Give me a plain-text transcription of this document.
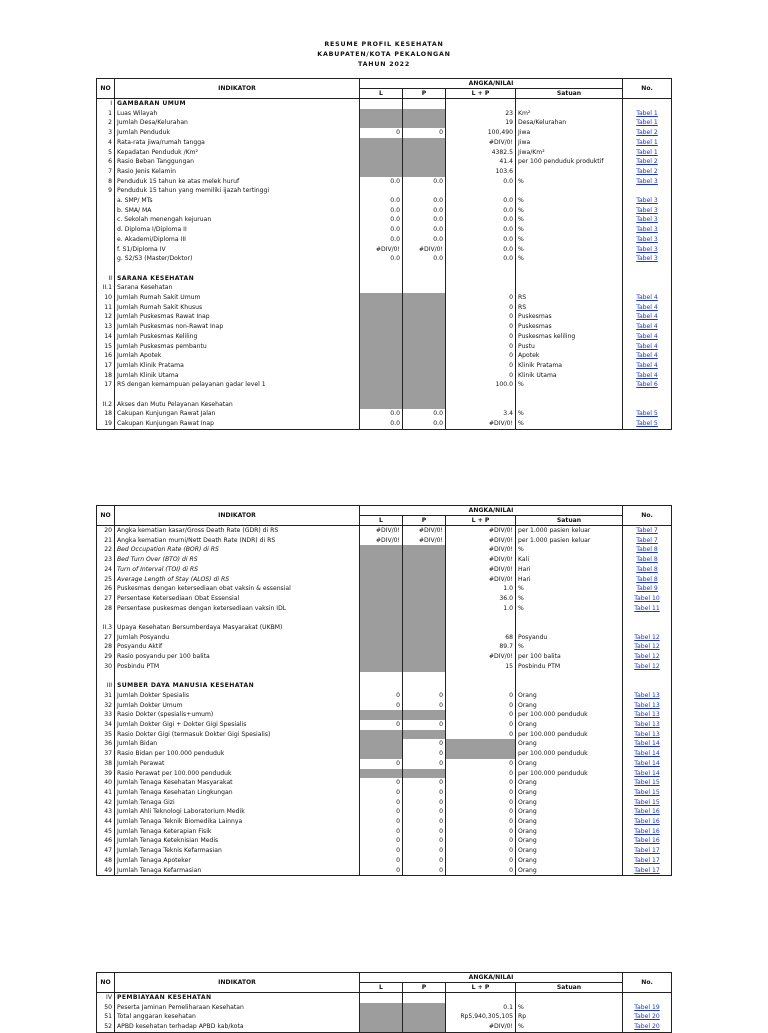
RESUME PROFIL KESEHATAN
KABUPATEN/KOTA PEKALONGAN
TAHUN 2022
NO	INDIKATOR	ANGKA/NILAI				No.
		L	P	L + P	Satuan	
I	GAMBARAN UMUM					
1	Luas Wilayah			23	Km²	Tabel 1
2	Jumlah Desa/Kelurahan			19	Desa/Kelurahan	Tabel 1
3	Jumlah Penduduk	0	0	100,490	Jiwa	Tabel 2
4	Rata-rata jiwa/rumah tangga			#DIV/0!	Jiwa	Tabel 1
5	Kepadatan Penduduk /Km²			4382.5	Jiwa/Km²	Tabel 1
6	Rasio Beban Tanggungan			41.4	per 100 penduduk produktif	Tabel 2
7	Rasio Jenis Kelamin			103.6		Tabel 2
8	Penduduk 15 tahun ke atas melek huruf	0.0	0.0	0.0	%	Tabel 3
9	Penduduk 15 tahun yang memiliki ijazah tertinggi					
	a. SMP/ MTs	0.0	0.0	0.0	%	Tabel 3
	b. SMA/ MA	0.0	0.0	0.0	%	Tabel 3
	c. Sekolah menengah kejuruan	0.0	0.0	0.0	%	Tabel 3
	d. Diploma I/Diploma II	0.0	0.0	0.0	%	Tabel 3
	e. Akademi/Diploma III	0.0	0.0	0.0	%	Tabel 3
	f. S1/Diploma IV	#DIV/0!	#DIV/0!	0.0	%	Tabel 3
	g. S2/S3 (Master/Doktor)	0.0	0.0	0.0	%	Tabel 3

II	SARANA KESEHATAN					
II.1	Sarana Kesehatan					
10	Jumlah Rumah Sakit Umum			0	RS	Tabel 4
11	Jumlah Rumah Sakit Khusus			0	RS	Tabel 4
12	Jumlah Puskesmas Rawat Inap			0	Puskesmas	Tabel 4
13	Jumlah Puskesmas non-Rawat Inap			0	Puskesmas	Tabel 4
14	Jumlah Puskesmas Keliling			0	Puskesmas keliling	Tabel 4
15	Jumlah Puskesmas pembantu			0	Pustu	Tabel 4
16	Jumlah Apotek			0	Apotek	Tabel 4
17	Jumlah Klinik Pratama			0	Klinik Pratama	Tabel 4
18	Jumlah Klinik Utama			0	Klinik Utama	Tabel 4
17	RS dengan kemampuan pelayanan gadar level 1			100.0	%	Tabel 6

II.2	Akses dan Mutu Pelayanan Kesehatan					
18	Cakupan Kunjungan Rawat Jalan	0.0	0.0	3.4	%	Tabel 5
19	Cakupan Kunjungan Rawat Inap	0.0	0.0	#DIV/0!	%	Tabel 5
NO	INDIKATOR	ANGKA/NILAI				No.
		L	P	L + P	Satuan	
20	Angka kematian kasar/Gross Death Rate (GDR) di RS	#DIV/0!	#DIV/0!	#DIV/0!	per 1.000 pasien keluar	Tabel 7
21	Angka kematian murni/Nett Death Rate (NDR) di RS	#DIV/0!	#DIV/0!	#DIV/0!	per 1.000 pasien keluar	Tabel 7
22	Bed Occupation Rate (BOR) di RS			#DIV/0!	%	Tabel 8
23	Bed Turn Over (BTO) di RS			#DIV/0!	Kali	Tabel 8
24	Turn of Interval (TOI) di RS			#DIV/0!	Hari	Tabel 8
25	Average Length of Stay (ALOS) di RS			#DIV/0!	Hari	Tabel 8
26	Puskesmas dengan ketersediaan obat vaksin & essensial			1.0	%	Tabel 9
27	Persentase Ketersediaan Obat Essensial			36.0	%	Tabel 10
28	Persentase puskesmas dengan ketersediaan vaksin IDL			1.0	%	Tabel 11

II.3	Upaya Kesehatan Bersumberdaya Masyarakat (UKBM)					
27	Jumlah Posyandu			68	Posyandu	Tabel 12
28	Posyandu Aktif			89.7	%	Tabel 12
29	Rasio posyandu per 100 balita			#DIV/0!	per 100 balita	Tabel 12
30	Posbindu PTM			15	Posbindu PTM	Tabel 12

III	SUMBER DAYA MANUSIA KESEHATAN					
31	Jumlah Dokter Spesialis	0	0	0	Orang	Tabel 13
32	Jumlah Dokter Umum	0	0	0	Orang	Tabel 13
33	Rasio Dokter (spesialis+umum)			0	per 100.000 penduduk	Tabel 13
34	Jumlah Dokter Gigi + Dokter Gigi Spesialis	0	0	0	Orang	Tabel 13
35	Rasio Dokter Gigi (termasuk Dokter Gigi Spesialis)			0	per 100.000 penduduk	Tabel 13
36	Jumlah Bidan		0		Orang	Tabel 14
37	Rasio Bidan per 100.000 penduduk		0		per 100.000 penduduk	Tabel 14
38	Jumlah Perawat	0	0	0	Orang	Tabel 14
39	Rasio Perawat per 100.000 penduduk			0	per 100.000 penduduk	Tabel 14
40	Jumlah Tenaga Kesehatan Masyarakat	0	0	0	Orang	Tabel 15
41	Jumlah Tenaga Kesehatan Lingkungan	0	0	0	Orang	Tabel 15
42	Jumlah Tenaga Gizi	0	0	0	Orang	Tabel 15
43	Jumlah Ahli Teknologi Laboratorium Medik	0	0	0	Orang	Tabel 16
44	Jumlah Tenaga Teknik Biomedika Lainnya	0	0	0	Orang	Tabel 16
45	Jumlah Tenaga Keterapian Fisik	0	0	0	Orang	Tabel 16
46	Jumlah Tenaga Keteknisian Medis	0	0	0	Orang	Tabel 16
47	Jumlah Tenaga Teknis Kefarmasian	0	0	0	Orang	Tabel 17
48	Jumlah Tenaga Apoteker	0	0	0	Orang	Tabel 17
49	Jumlah Tenaga Kefarmasian	0	0	0	Orang	Tabel 17
NO	INDIKATOR	ANGKA/NILAI				No.
		L	P	L + P	Satuan	
IV	PEMBIAYAAN KESEHATAN					
50	Peserta Jaminan Pemeliharaan Kesehatan			0.1	%	Tabel 19
51	Total anggaran kesehatan			Rp5,940,305,105	Rp	Tabel 20
52	APBD kesehatan terhadap APBD kab/kota			#DIV/0!	%	Tabel 20
